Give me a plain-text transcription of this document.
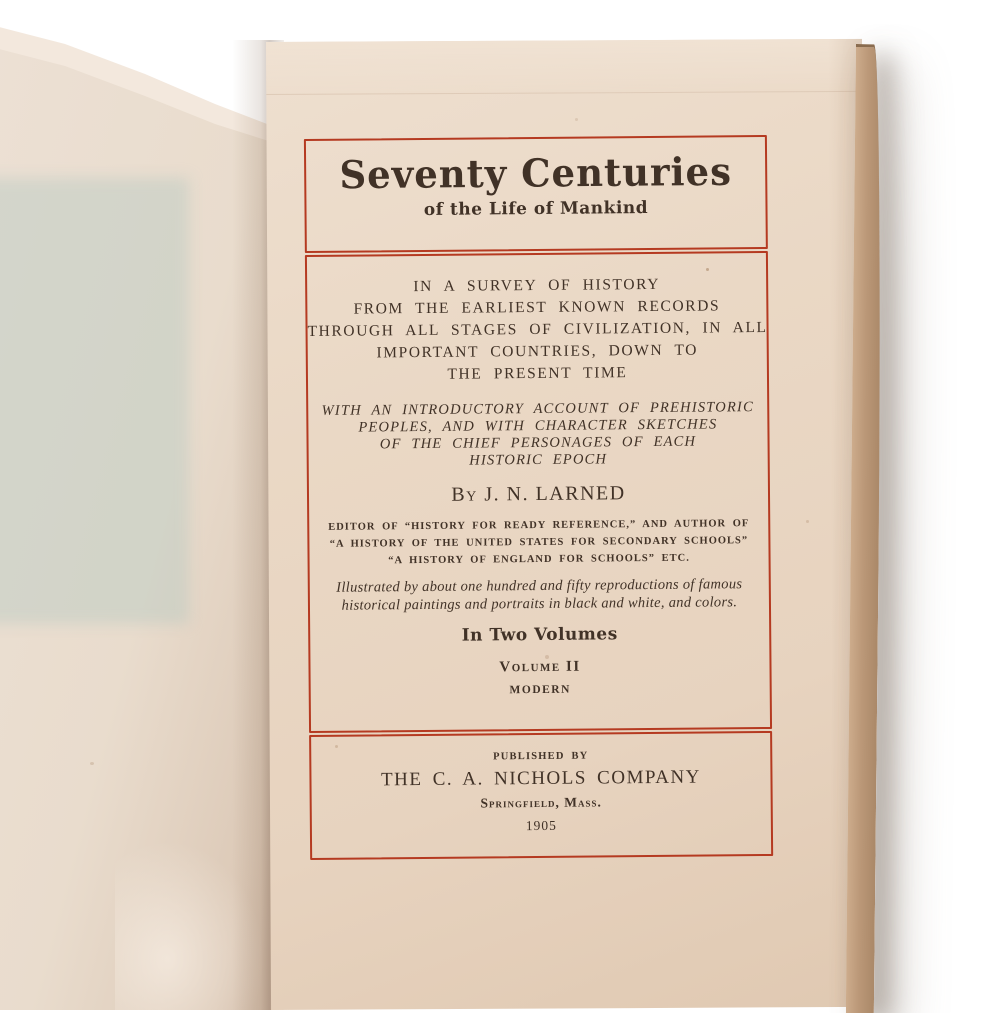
Seventy Centuries
of the Life of Mankind
IN A SURVEY OF HISTORY
FROM THE EARLIEST KNOWN RECORDS
THROUGH ALL STAGES OF CIVILIZATION, IN ALL
IMPORTANT COUNTRIES, DOWN TO
THE PRESENT TIME
WITH AN INTRODUCTORY ACCOUNT OF PREHISTORIC
PEOPLES, AND WITH CHARACTER SKETCHES
OF THE CHIEF PERSONAGES OF EACH
HISTORIC EPOCH
By J. N. LARNED
EDITOR OF “HISTORY FOR READY REFERENCE,” AND AUTHOR OF
“A HISTORY OF THE UNITED STATES FOR SECONDARY SCHOOLS”
“A HISTORY OF ENGLAND FOR SCHOOLS” ETC.
Illustrated by about one hundred and fifty reproductions of famous
historical paintings and portraits in black and white, and colors.
In Two Volumes
Volume II
MODERN
PUBLISHED BY
THE C. A. NICHOLS COMPANY
Springfield, Mass.
1905
